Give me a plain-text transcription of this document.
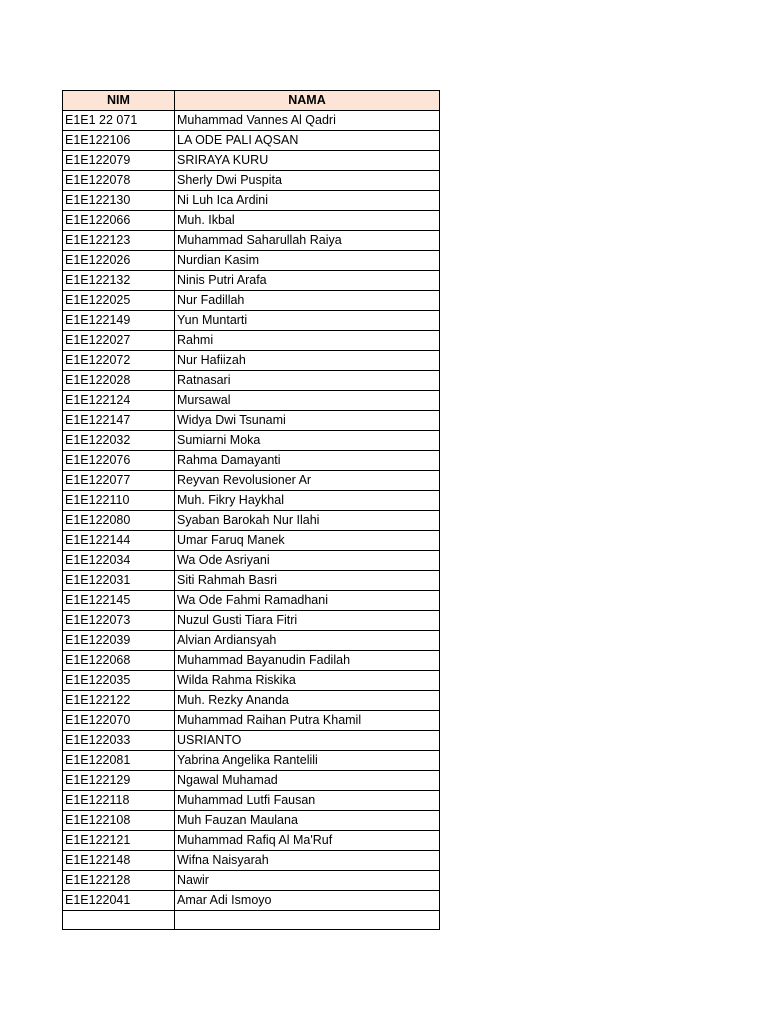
NIM	NAMA
E1E1 22 071	Muhammad Vannes Al Qadri
E1E122106	LA ODE PALI AQSAN
E1E122079	SRIRAYA KURU
E1E122078	Sherly Dwi Puspita
E1E122130	Ni Luh Ica Ardini
E1E122066	Muh. Ikbal
E1E122123	Muhammad Saharullah Raiya
E1E122026	Nurdian Kasim
E1E122132	Ninis Putri Arafa
E1E122025	Nur Fadillah
E1E122149	Yun Muntarti
E1E122027	Rahmi
E1E122072	Nur Hafiizah
E1E122028	Ratnasari
E1E122124	Mursawal
E1E122147	Widya Dwi Tsunami
E1E122032	Sumiarni Moka
E1E122076	Rahma Damayanti
E1E122077	Reyvan Revolusioner Ar
E1E122110	Muh. Fikry Haykhal
E1E122080	Syaban Barokah Nur Ilahi
E1E122144	Umar Faruq Manek
E1E122034	Wa Ode Asriyani
E1E122031	Siti Rahmah Basri
E1E122145	Wa Ode Fahmi Ramadhani
E1E122073	Nuzul Gusti Tiara Fitri
E1E122039	Alvian Ardiansyah
E1E122068	Muhammad Bayanudin Fadilah
E1E122035	Wilda Rahma Riskika
E1E122122	Muh. Rezky Ananda
E1E122070	Muhammad Raihan Putra Khamil
E1E122033	USRIANTO
E1E122081	Yabrina Angelika Rantelili
E1E122129	Ngawal Muhamad
E1E122118	Muhammad Lutfi Fausan
E1E122108	Muh Fauzan Maulana
E1E122121	Muhammad Rafiq Al Ma'Ruf
E1E122148	Wifna Naisyarah
E1E122128	Nawir
E1E122041	Amar Adi Ismoyo
